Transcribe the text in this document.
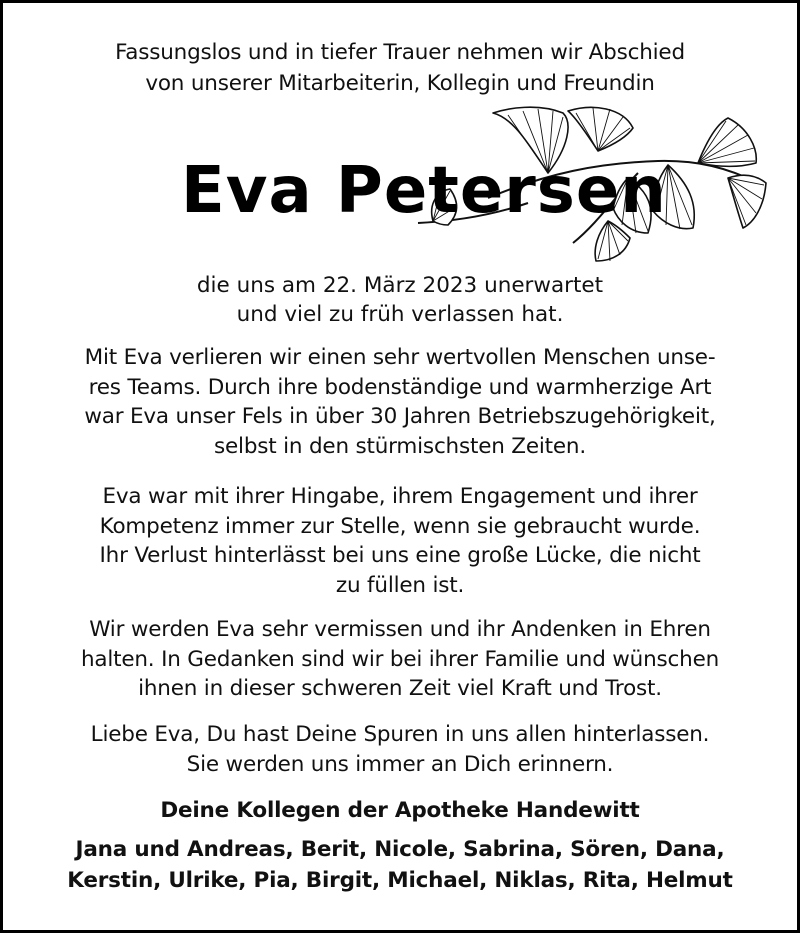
Fassungslos und in tiefer Trauer nehmen wir Abschied
von unserer Mitarbeiterin, Kollegin und Freundin
Eva Petersen
die uns am 22. März 2023 unerwartet
und viel zu früh verlassen hat.
Mit Eva verlieren wir einen sehr wertvollen Menschen unse-
res Teams. Durch ihre bodenständige und warmherzige Art
war Eva unser Fels in über 30 Jahren Betriebszugehörigkeit,
selbst in den stürmischsten Zeiten.
Eva war mit ihrer Hingabe, ihrem Engagement und ihrer
Kompetenz immer zur Stelle, wenn sie gebraucht wurde.
Ihr Verlust hinterlässt bei uns eine große Lücke, die nicht
zu füllen ist.
Wir werden Eva sehr vermissen und ihr Andenken in Ehren
halten. In Gedanken sind wir bei ihrer Familie und wünschen
ihnen in dieser schweren Zeit viel Kraft und Trost.
Liebe Eva, Du hast Deine Spuren in uns allen hinterlassen.
Sie werden uns immer an Dich erinnern.
Deine Kollegen der Apotheke Handewitt
Jana und Andreas, Berit, Nicole, Sabrina, Sören, Dana,
Kerstin, Ulrike, Pia, Birgit, Michael, Niklas, Rita, Helmut
